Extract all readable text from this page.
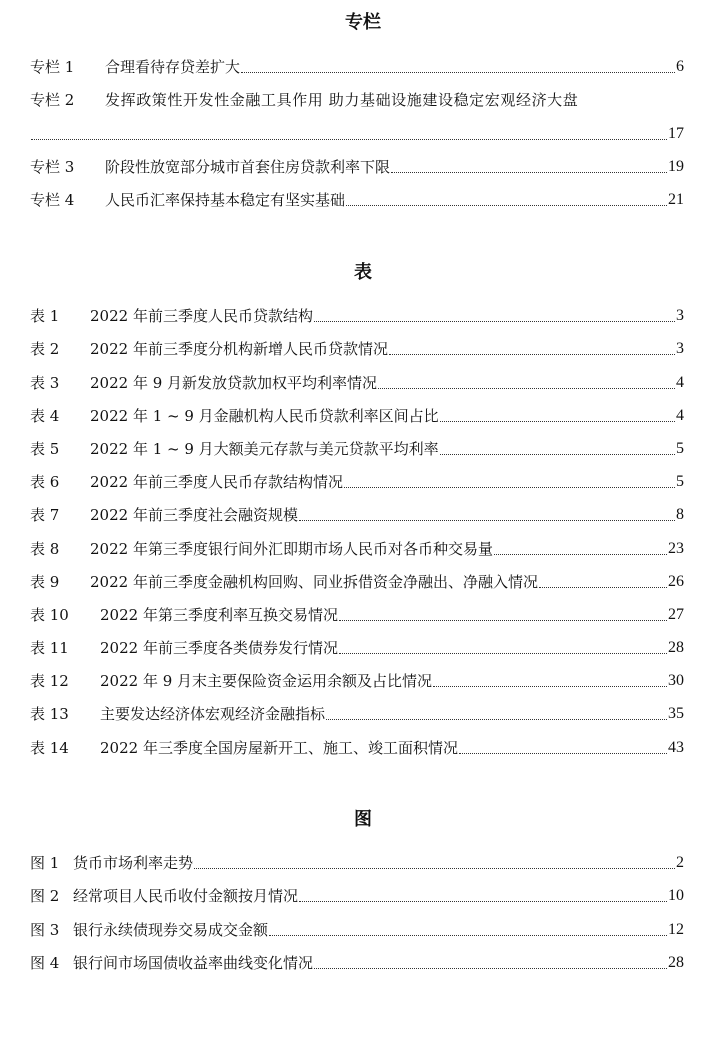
专栏
专栏 1	合理看待存贷差扩大	6
专栏 2	发挥政策性开发性金融工具作用 助力基础设施建设稳定宏观经济大盘
17
专栏 3	阶段性放宽部分城市首套住房贷款利率下限	19
专栏 4	人民币汇率保持基本稳定有坚实基础	21
表
表 1	2022 年前三季度人民币贷款结构	3
表 2	2022 年前三季度分机构新增人民币贷款情况	3
表 3	2022 年 9 月新发放贷款加权平均利率情况	4
表 4	2022 年 1 ~ 9 月金融机构人民币贷款利率区间占比	4
表 5	2022 年 1 ~ 9 月大额美元存款与美元贷款平均利率	5
表 6	2022 年前三季度人民币存款结构情况	5
表 7	2022 年前三季度社会融资规模	8
表 8	2022 年第三季度银行间外汇即期市场人民币对各币种交易量	23
表 9	2022 年前三季度金融机构回购、同业拆借资金净融出、净融入情况	26
表 10	2022 年第三季度利率互换交易情况	27
表 11	2022 年前三季度各类债券发行情况	28
表 12	2022 年 9 月末主要保险资金运用余额及占比情况	30
表 13	主要发达经济体宏观经济金融指标	35
表 14	2022 年三季度全国房屋新开工、施工、竣工面积情况	43
图
图 1 货币市场利率走势	2
图 2 经常项目人民币收付金额按月情况	10
图 3 银行永续债现券交易成交金额	12
图 4 银行间市场国债收益率曲线变化情况	28
